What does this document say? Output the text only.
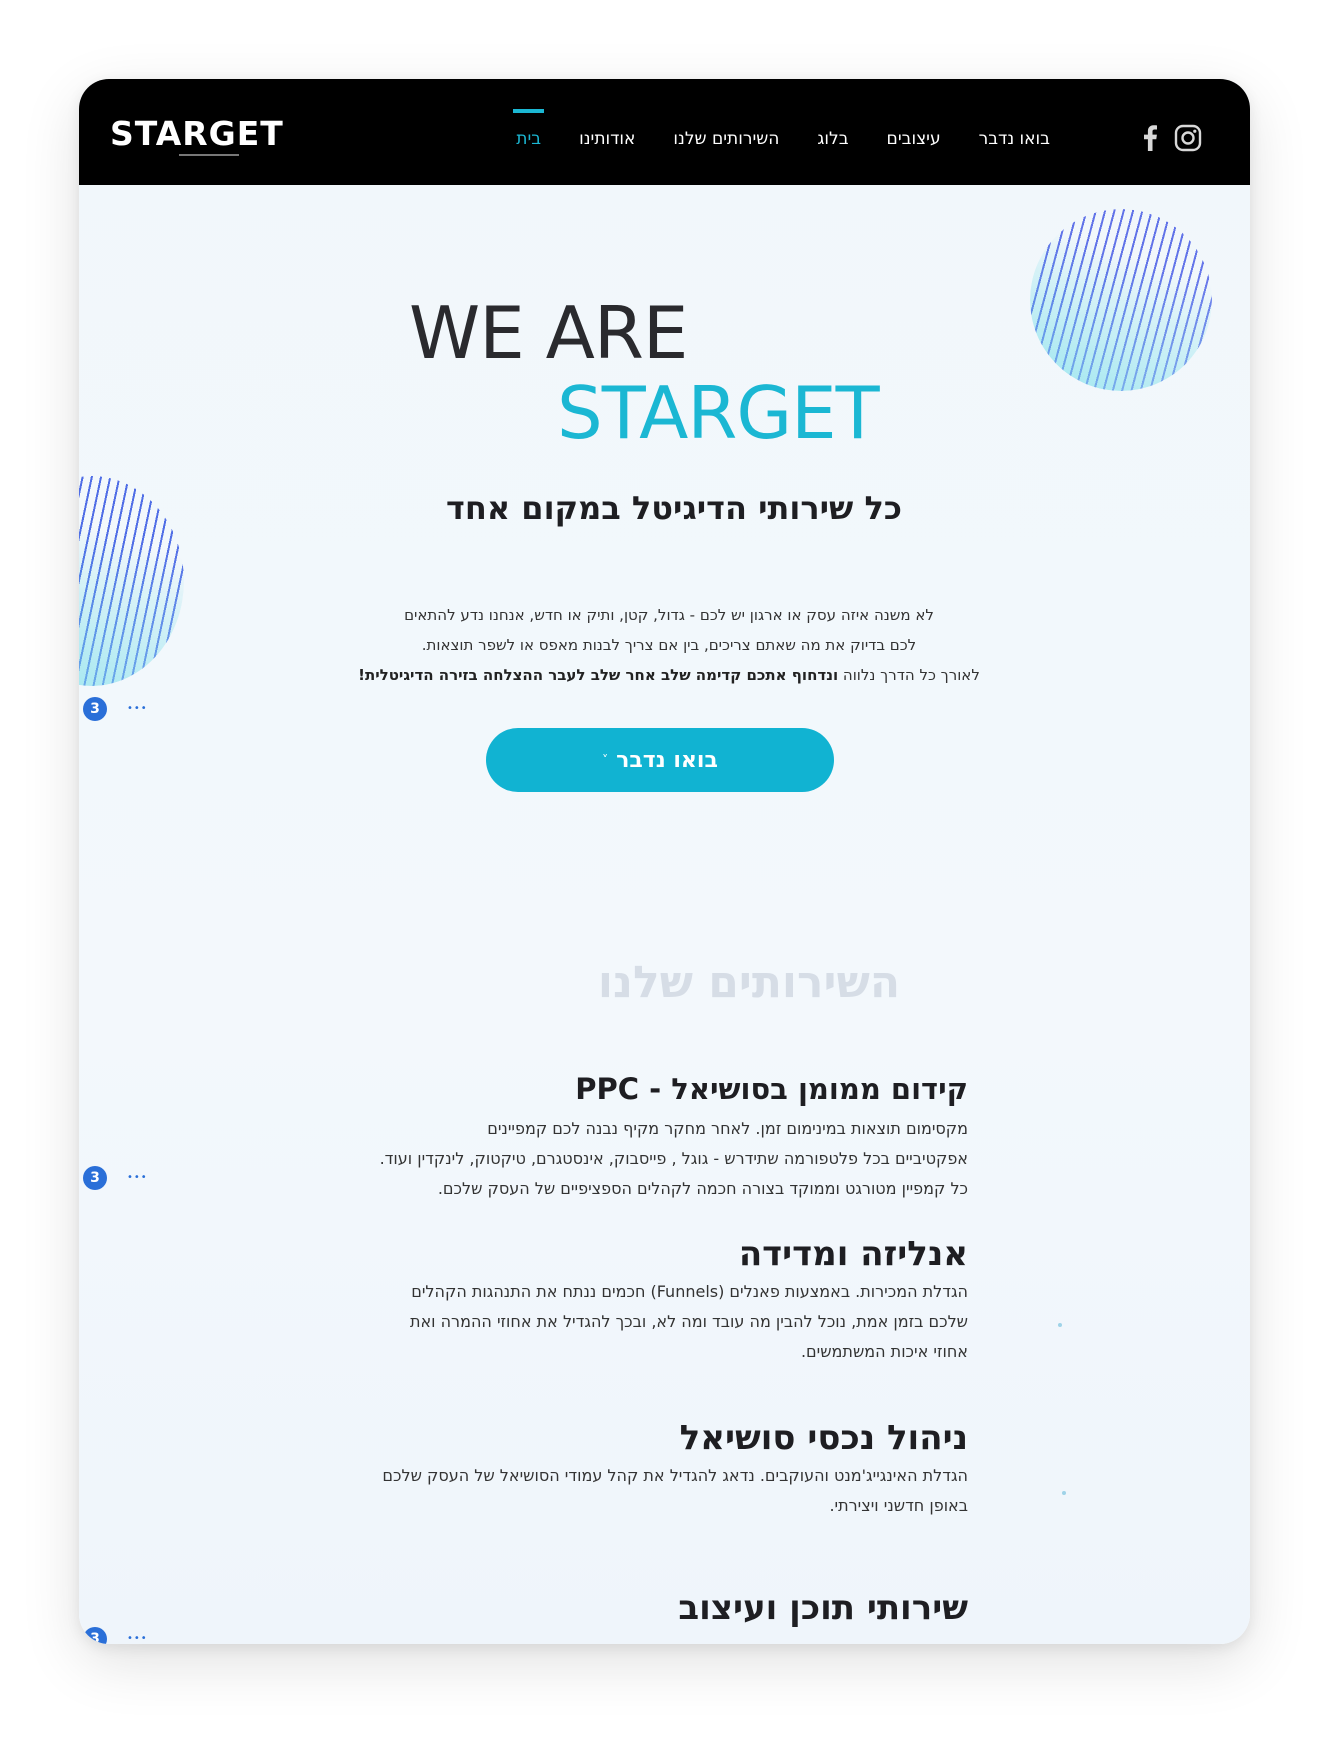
STARGET	בית אודותינו השירותים שלנו בלוג עיצובים בואו נדבר
WE ARE
STARGET
כל שירותי הדיגיטל במקום אחד
לא משנה איזה עסק או ארגון יש לכם - גדול, קטן, ותיק או חדש, אנחנו נדע להתאים
לכם בדיוק את מה שאתם צריכים, בין אם צריך לבנות מאפס או לשפר תוצאות.
לאורך כל הדרך נלווה ונדחוף אתכם קדימה שלב אחר שלב לעבר ההצלחה בזירה הדיגיטלית!
בואו נדבר
˅
השירותים שלנו
קידום ממומן בסושיאל - PPC

מקסימום תוצאות במינימום זמן. לאחר מחקר מקיף נבנה לכם קמפיינים
אפקטיביים בכל פלטפורמה שתידרש - גוגל , פייסבוק, אינסטגרם, טיקטוק, לינקדין ועוד.
כל קמפיין מטורגט וממוקד בצורה חכמה לקהלים הספציפיים של העסק שלכם.

אנליזה ומדידה

הגדלת המכירות. באמצעות פאנלים (Funnels) חכמים ננתח את התנהגות הקהלים
שלכם בזמן אמת, נוכל להבין מה עובד ומה לא, ובכך להגדיל את אחוזי ההמרה ואת
אחוזי איכות המשתמשים.

ניהול נכסי סושיאל

הגדלת האינגייג'מנט והעוקבים. נדאג להגדיל את קהל עמודי הסושיאל של העסק שלכם
באופן חדשני ויצירתי.

שירותי תוכן ועיצוב
3	•••
3	•••
3	•••
